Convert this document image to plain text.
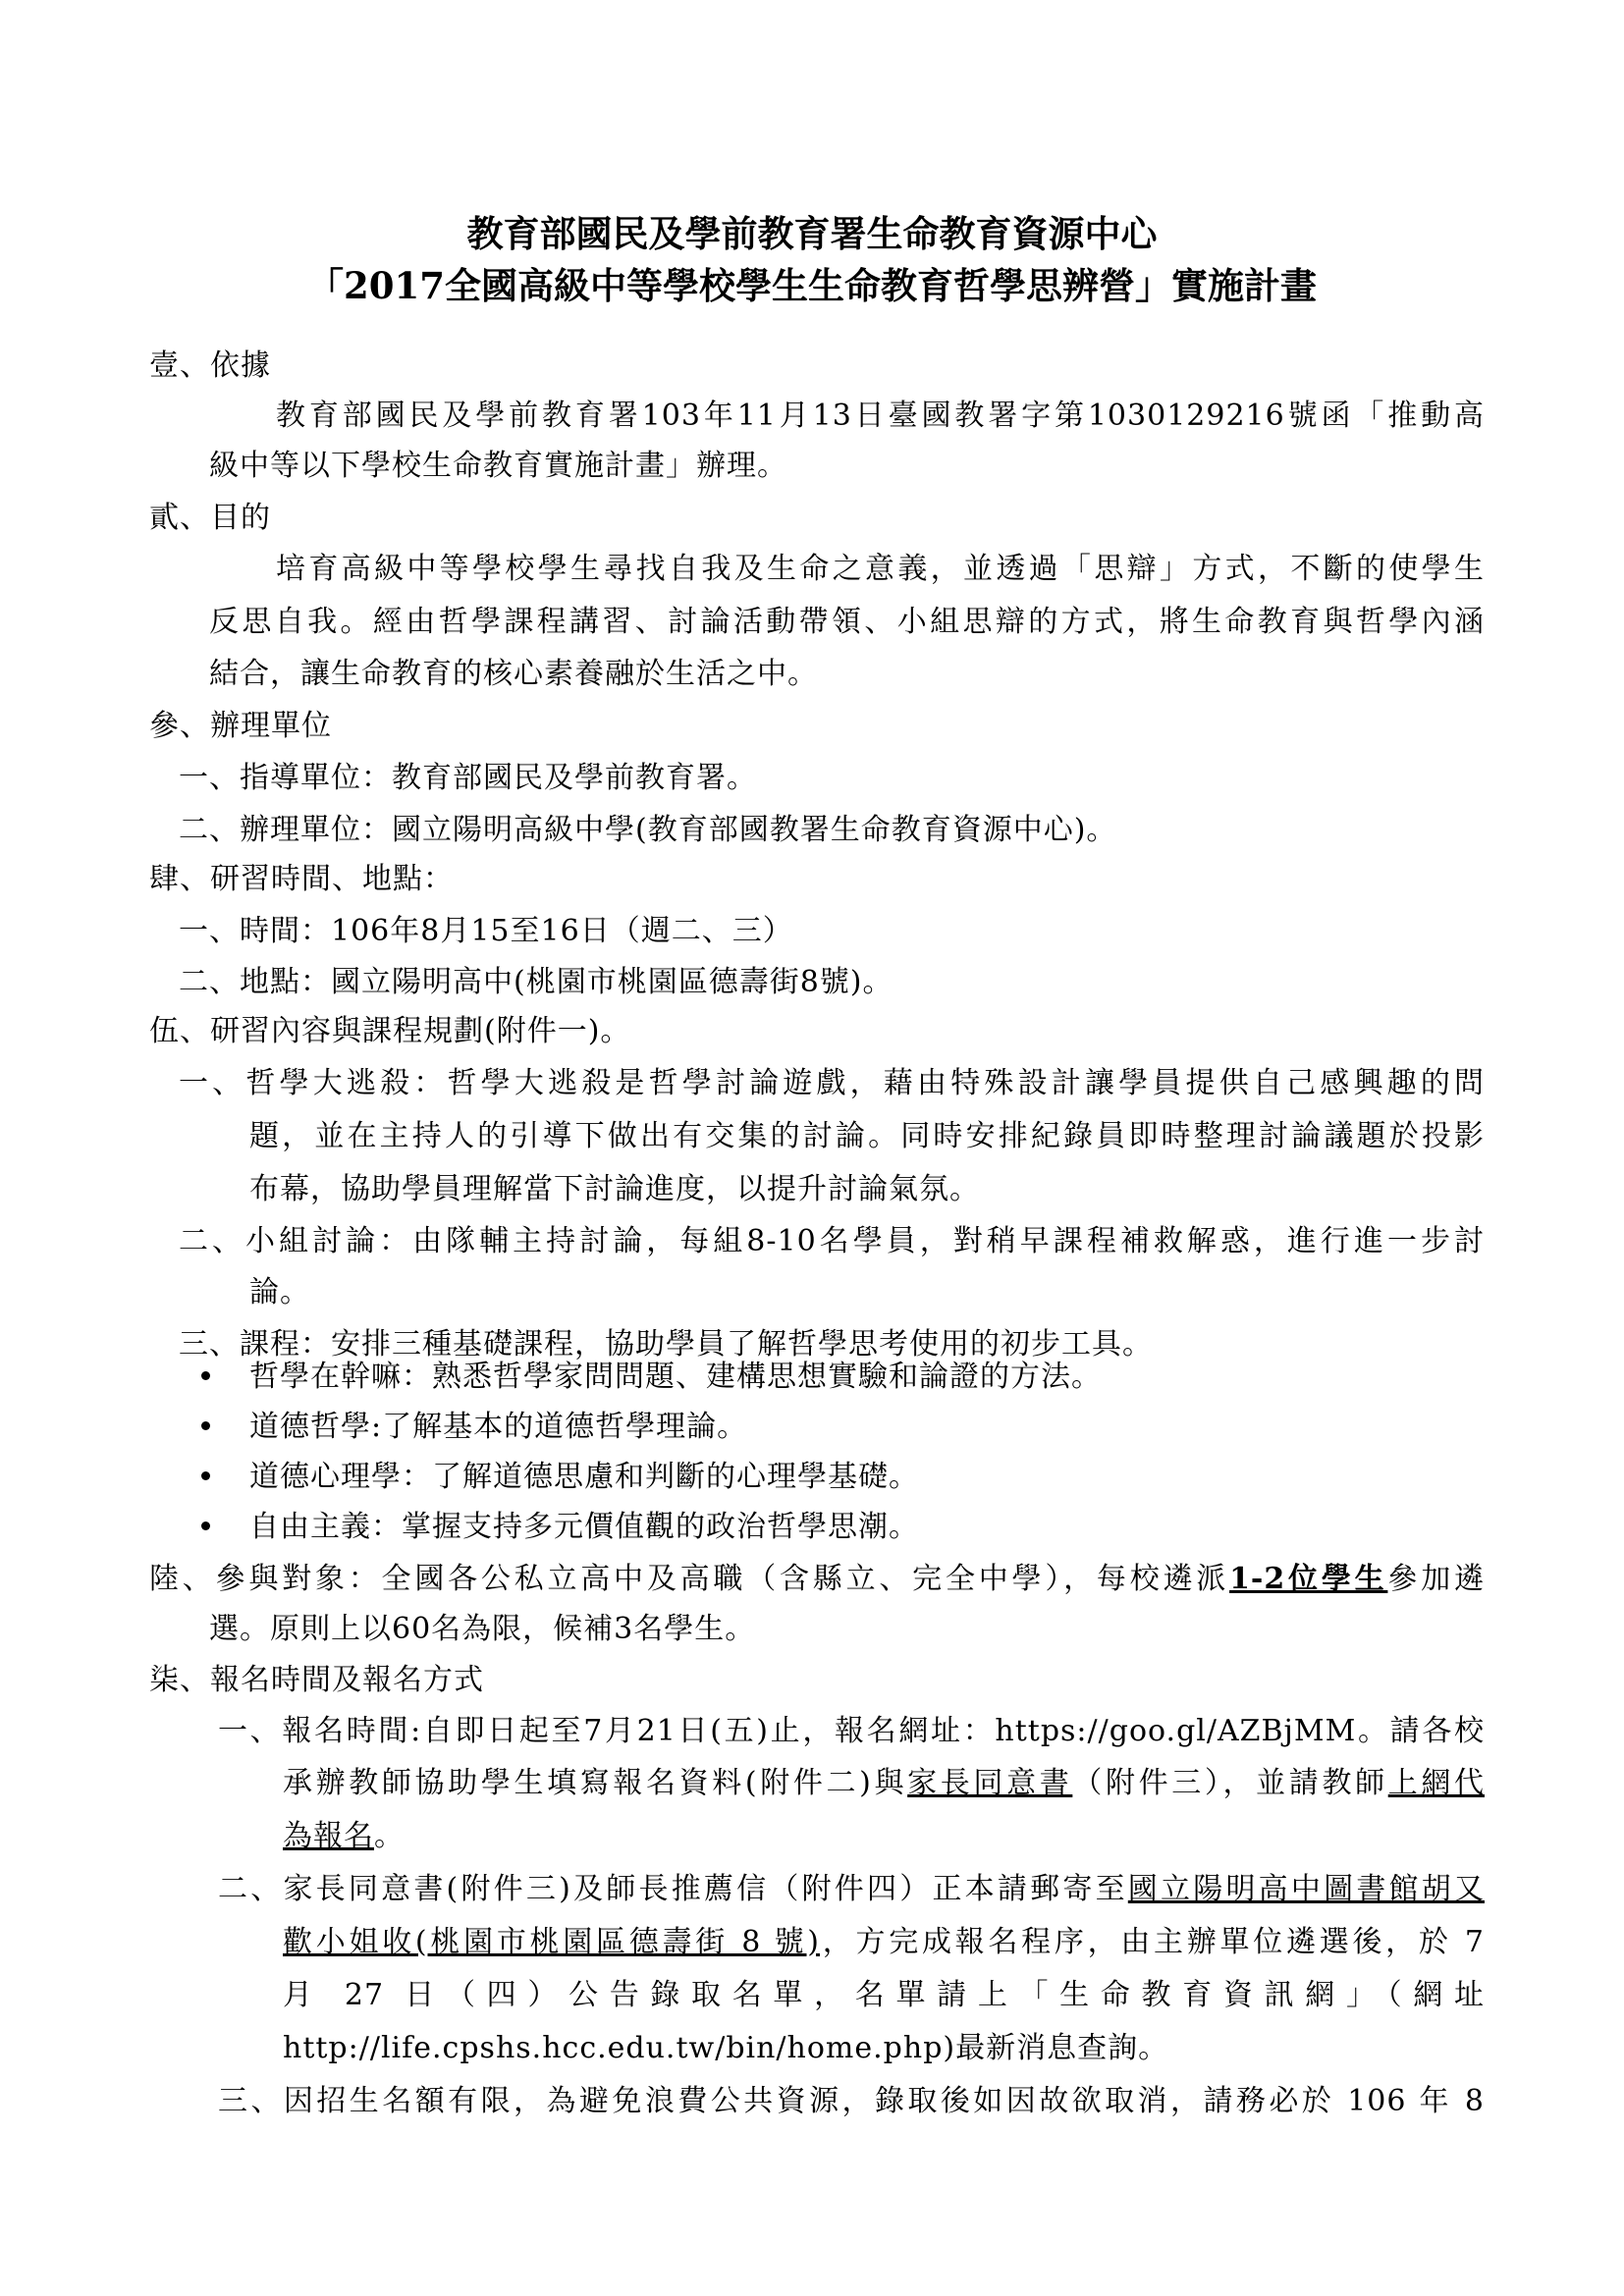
教育部國民及學前教育署生命教育資源中心
「2017全國高級中等學校學生生命教育哲學思辨營」實施計畫
壹、依據
教育部國民及學前教育署103年11月13日臺國教署字第1030129216號函「推動高
級中等以下學校生命教育實施計畫」辦理。
貳、目的
培育高級中等學校學生尋找自我及生命之意義，並透過「思辯」方式，不斷的使學生
反思自我。經由哲學課程講習、討論活動帶領、小組思辯的方式，將生命教育與哲學內涵
結合，讓生命教育的核心素養融於生活之中。
參、辦理單位
一、指導單位：教育部國民及學前教育署。
二、辦理單位：國立陽明高級中學(教育部國教署生命教育資源中心)。
肆、研習時間、地點：
一、時間：106年8月15至16日（週二、三）
二、地點：國立陽明高中(桃園市桃園區德壽街8號)。
伍、研習內容與課程規劃(附件一)。
一、哲學大逃殺：哲學大逃殺是哲學討論遊戲，藉由特殊設計讓學員提供自己感興趣的問
題，並在主持人的引導下做出有交集的討論。同時安排紀錄員即時整理討論議題於投影
布幕，協助學員理解當下討論進度，以提升討論氣氛。
二、小組討論：由隊輔主持討論，每組8-10名學員，對稍早課程補救解惑，進行進一步討
論。
三、課程：安排三種基礎課程，協助學員了解哲學思考使用的初步工具。
哲學在幹嘛：熟悉哲學家問問題、建構思想實驗和論證的方法。
道德哲學:了解基本的道德哲學理論。
道德心理學：了解道德思慮和判斷的心理學基礎。
自由主義：掌握支持多元價值觀的政治哲學思潮。
陸、參與對象：全國各公私立高中及高職（含縣立、完全中學），每校遴派1-2位學生參加遴
選。原則上以60名為限，候補3名學生。
柒、報名時間及報名方式
一、報名時間:自即日起至7月21日(五)止，報名網址：https://goo.gl/AZBjMM。請各校
承辦教師協助學生填寫報名資料(附件二)與家長同意書（附件三），並請教師上網代
為報名。
二、家長同意書(附件三)及師長推薦信（附件四）正本請郵寄至國立陽明高中圖書館胡又
歡小姐收(桃園市桃園區德壽街 8 號)，方完成報名程序，由主辦單位遴選後，於 7
月 27 日（四）公告錄取名單，名單請上「生命教育資訊網」（網址
http://life.cpshs.hcc.edu.tw/bin/home.php)最新消息查詢。
三、因招生名額有限，為避免浪費公共資源，錄取後如因故欲取消，請務必於 106 年 8
